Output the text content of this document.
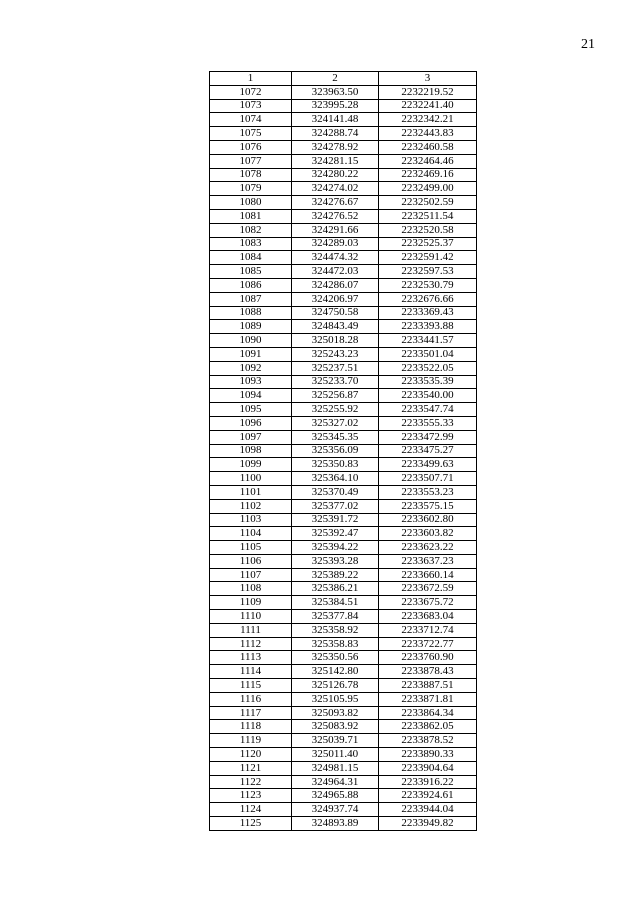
21
1	2	3
1072	323963.50	2232219.52
1073	323995.28	2232241.40
1074	324141.48	2232342.21
1075	324288.74	2232443.83
1076	324278.92	2232460.58
1077	324281.15	2232464.46
1078	324280.22	2232469.16
1079	324274.02	2232499.00
1080	324276.67	2232502.59
1081	324276.52	2232511.54
1082	324291.66	2232520.58
1083	324289.03	2232525.37
1084	324474.32	2232591.42
1085	324472.03	2232597.53
1086	324286.07	2232530.79
1087	324206.97	2232676.66
1088	324750.58	2233369.43
1089	324843.49	2233393.88
1090	325018.28	2233441.57
1091	325243.23	2233501.04
1092	325237.51	2233522.05
1093	325233.70	2233535.39
1094	325256.87	2233540.00
1095	325255.92	2233547.74
1096	325327.02	2233555.33
1097	325345.35	2233472.99
1098	325356.09	2233475.27
1099	325350.83	2233499.63
1100	325364.10	2233507.71
1101	325370.49	2233553.23
1102	325377.02	2233575.15
1103	325391.72	2233602.80
1104	325392.47	2233603.82
1105	325394.22	2233623.22
1106	325393.28	2233637.23
1107	325389.22	2233660.14
1108	325386.21	2233672.59
1109	325384.51	2233675.72
1110	325377.84	2233683.04
1111	325358.92	2233712.74
1112	325358.83	2233722.77
1113	325350.56	2233760.90
1114	325142.80	2233878.43
1115	325126.78	2233887.51
1116	325105.95	2233871.81
1117	325093.82	2233864.34
1118	325083.92	2233862.05
1119	325039.71	2233878.52
1120	325011.40	2233890.33
1121	324981.15	2233904.64
1122	324964.31	2233916.22
1123	324965.88	2233924.61
1124	324937.74	2233944.04
1125	324893.89	2233949.82
